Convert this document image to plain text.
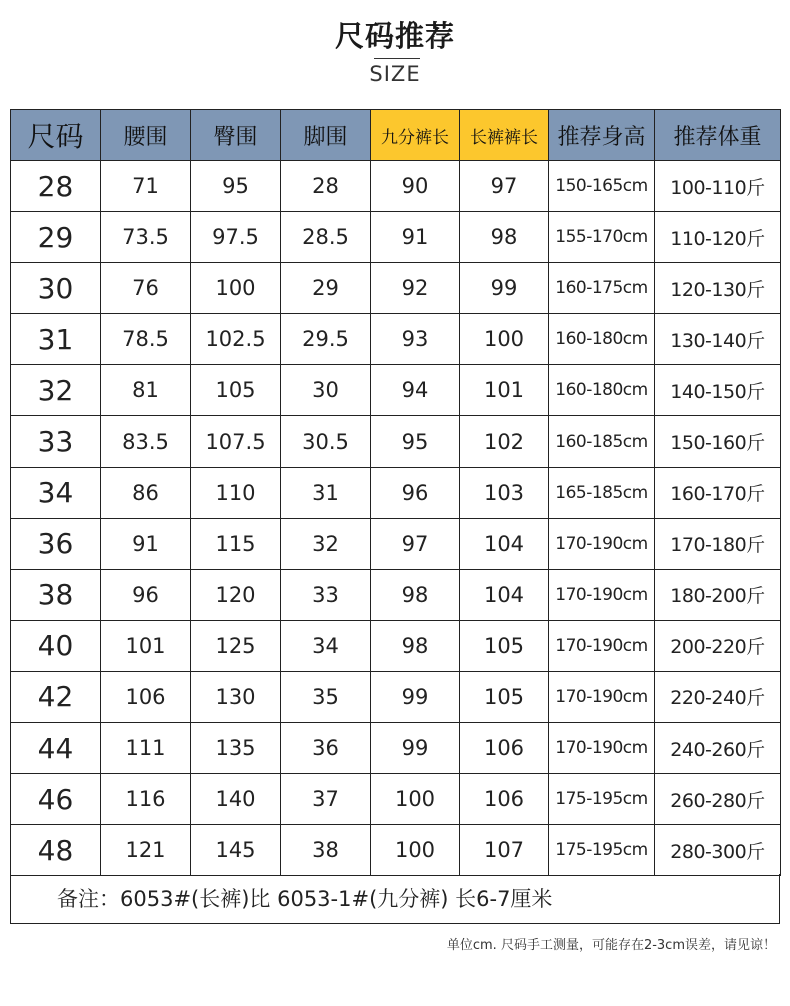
尺码推荐
SIZE
尺码	腰围	臀围	脚围	九分裤长	长裤裤长	推荐身高	推荐体重
28	71	95	28	90	97	150-165cm	100-110斤
29	73.5	97.5	28.5	91	98	155-170cm	110-120斤
30	76	100	29	92	99	160-175cm	120-130斤
31	78.5	102.5	29.5	93	100	160-180cm	130-140斤
32	81	105	30	94	101	160-180cm	140-150斤
33	83.5	107.5	30.5	95	102	160-185cm	150-160斤
34	86	110	31	96	103	165-185cm	160-170斤
36	91	115	32	97	104	170-190cm	170-180斤
38	96	120	33	98	104	170-190cm	180-200斤
40	101	125	34	98	105	170-190cm	200-220斤
42	106	130	35	99	105	170-190cm	220-240斤
44	111	135	36	99	106	170-190cm	240-260斤
46	116	140	37	100	106	175-195cm	260-280斤
48	121	145	38	100	107	175-195cm	280-300斤
备注：6053#(长裤)比 6053-1#(九分裤) 长6-7厘米
单位cm. 尺码手工测量，可能存在2-3cm误差，请见谅！
